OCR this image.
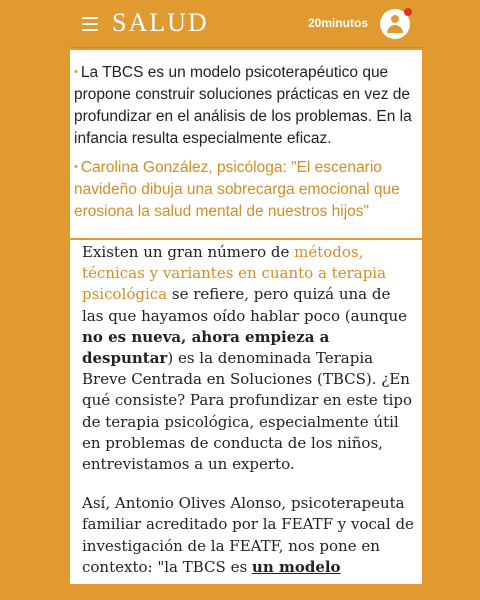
SALUD	20minutos

• La TBCS es un modelo psicoterapéutico que propone construir soluciones prácticas en vez de profundizar en el análisis de los problemas. En la infancia resulta especialmente eficaz.

• Carolina González, psicóloga: "El escenario navideño dibuja una sobrecarga emocional que erosiona la salud mental de nuestros hijos"

Existen un gran número de métodos, técnicas y variantes en cuanto a terapia psicológica se refiere, pero quizá una de las que hayamos oído hablar poco (aunque no es nueva, ahora empieza a despuntar) es la denominada Terapia Breve Centrada en Soluciones (TBCS). ¿En qué consiste? Para profundizar en este tipo de terapia psicológica, especialmente útil en problemas de conducta de los niños, entrevistamos a un experto.

Así, Antonio Olives Alonso, psicoterapeuta familiar acreditado por la FEATF y vocal de investigación de la FEATF, nos pone en contexto: "la TBCS es un modelo
